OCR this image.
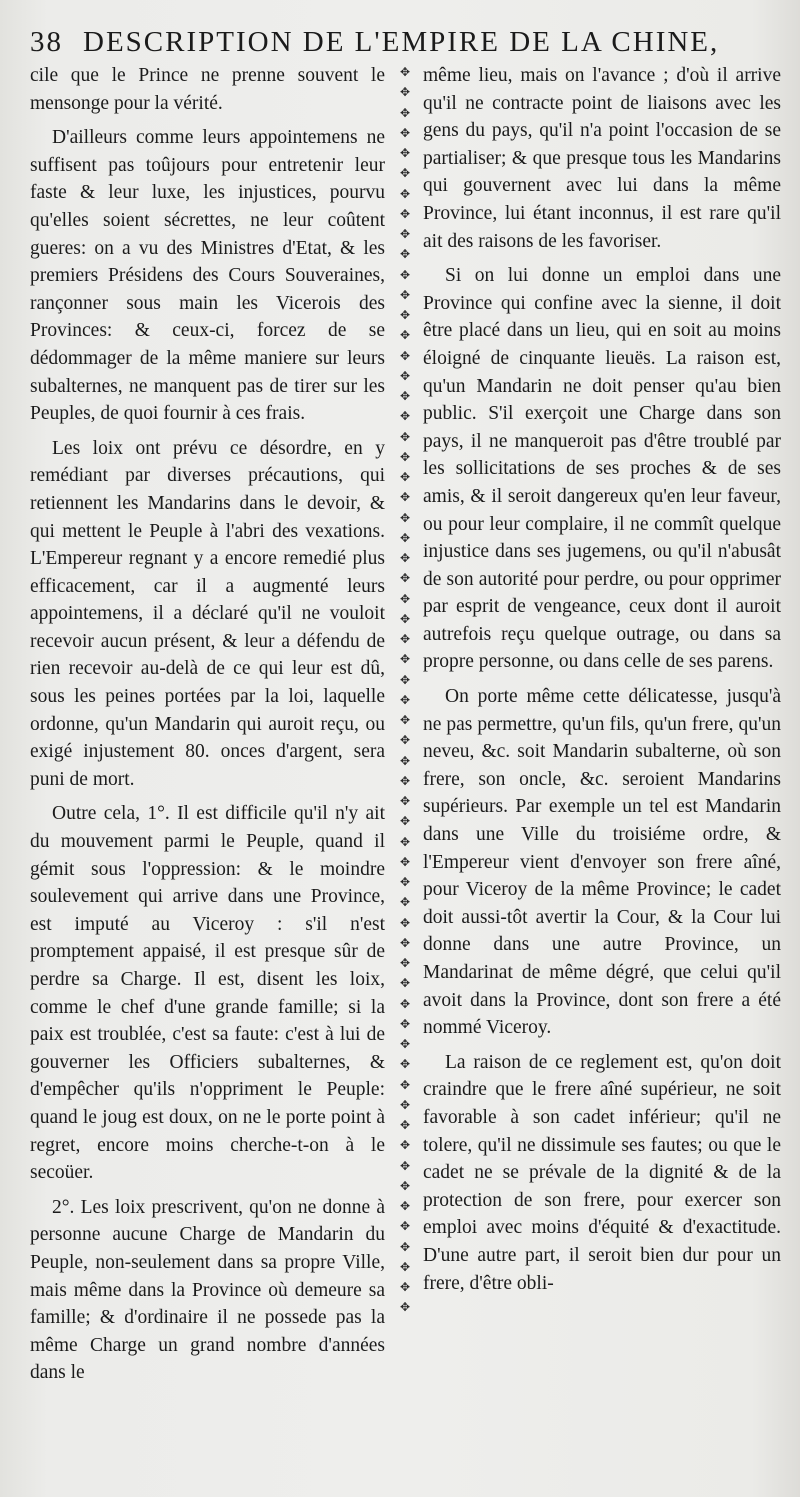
38 DESCRIPTION DE L'EMPIRE DE LA CHINE,

cile que le Prince ne prenne souvent le mensonge pour la vérité.

D'ailleurs comme leurs appointemens ne suffisent pas toûjours pour entretenir leur faste & leur luxe, les injustices, pourvu qu'elles soient sécrettes, ne leur coûtent gueres: on a vu des Ministres d'Etat, & les premiers Présidens des Cours Souveraines, rançonner sous main les Vicerois des Provinces: & ceux-ci, forcez de se dédommager de la même maniere sur leurs subalternes, ne manquent pas de tirer sur les Peuples, de quoi fournir à ces frais.

Les loix ont prévu ce désordre, en y remédiant par diverses précautions, qui retiennent les Mandarins dans le devoir, & qui mettent le Peuple à l'abri des vexations. L'Empereur regnant y a encore remedié plus efficacement, car il a augmenté leurs appointemens, il a déclaré qu'il ne vouloit recevoir aucun présent, & leur a défendu de rien recevoir au-delà de ce qui leur est dû, sous les peines portées par la loi, laquelle ordonne, qu'un Mandarin qui auroit reçu, ou exigé injustement 80. onces d'argent, sera puni de mort.

Outre cela, 1°. Il est difficile qu'il n'y ait du mouvement parmi le Peuple, quand il gémit sous l'oppression: & le moindre soulevement qui arrive dans une Province, est imputé au Viceroy : s'il n'est promptement appaisé, il est presque sûr de perdre sa Charge. Il est, disent les loix, comme le chef d'une grande famille; si la paix est troublée, c'est sa faute: c'est à lui de gouverner les Officiers subalternes, & d'empêcher qu'ils n'oppriment le Peuple: quand le joug est doux, on ne le porte point à regret, encore moins cherche-t-on à le secoüer.

2°. Les loix prescrivent, qu'on ne donne à personne aucune Charge de Mandarin du Peuple, non-seulement dans sa propre Ville, mais même dans la Province où demeure sa famille; & d'ordinaire il ne possede pas la même Charge un grand nombre d'années dans le

✥
✥
✥
✥
✥
✥
✥
✥
✥
✥
✥
✥
✥
✥
✥
✥
✥
✥
✥
✥
✥
✥
✥
✥
✥
✥
✥
✥
✥
✥
✥
✥
✥
✥
✥
✥
✥
✥
✥
✥
✥
✥
✥
✥
✥
✥
✥
✥
✥
✥
✥
✥
✥
✥
✥
✥
✥
✥
✥
✥
✥
✥

même lieu, mais on l'avance ; d'où il arrive qu'il ne contracte point de liaisons avec les gens du pays, qu'il n'a point l'occasion de se partialiser; & que presque tous les Mandarins qui gouvernent avec lui dans la même Province, lui étant inconnus, il est rare qu'il ait des raisons de les favoriser.

Si on lui donne un emploi dans une Province qui confine avec la sienne, il doit être placé dans un lieu, qui en soit au moins éloigné de cinquante lieuës. La raison est, qu'un Mandarin ne doit penser qu'au bien public. S'il exerçoit une Charge dans son pays, il ne manqueroit pas d'être troublé par les sollicitations de ses proches & de ses amis, & il seroit dangereux qu'en leur faveur, ou pour leur complaire, il ne commît quelque injustice dans ses jugemens, ou qu'il n'abusât de son autorité pour perdre, ou pour opprimer par esprit de vengeance, ceux dont il auroit autrefois reçu quelque outrage, ou dans sa propre personne, ou dans celle de ses parens.

On porte même cette délicatesse, jusqu'à ne pas permettre, qu'un fils, qu'un frere, qu'un neveu, &c. soit Mandarin subalterne, où son frere, son oncle, &c. seroient Mandarins supérieurs. Par exemple un tel est Mandarin dans une Ville du troisiéme ordre, & l'Empereur vient d'envoyer son frere aîné, pour Viceroy de la même Province; le cadet doit aussi-tôt avertir la Cour, & la Cour lui donne dans une autre Province, un Mandarinat de même dégré, que celui qu'il avoit dans la Province, dont son frere a été nommé Viceroy.

La raison de ce reglement est, qu'on doit craindre que le frere aîné supérieur, ne soit favorable à son cadet inférieur; qu'il ne tolere, qu'il ne dissimule ses fautes; ou que le cadet ne se prévale de la dignité & de la protection de son frere, pour exercer son emploi avec moins d'équité & d'exactitude. D'une autre part, il seroit bien dur pour un frere, d'être obli-
